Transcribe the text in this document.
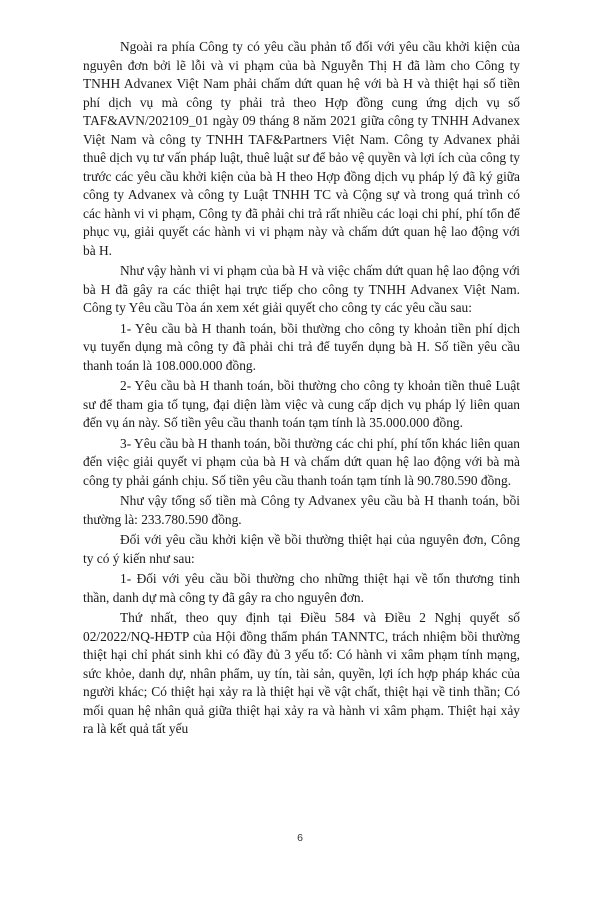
Ngoài ra phía Công ty có yêu cầu phản tố đối với yêu cầu khởi kiện của nguyên đơn bởi lẽ lỗi và vi phạm của bà Nguyễn Thị H đã làm cho Công ty TNHH Advanex Việt Nam phải chấm dứt quan hệ với bà H và thiệt hại số tiền phí dịch vụ mà công ty phải trả theo Hợp đồng cung ứng dịch vụ số TAF&AVN/202109_01 ngày 09 tháng 8 năm 2021 giữa công ty TNHH Advanex Việt Nam và công ty TNHH TAF&Partners Việt Nam. Công ty Advanex phải thuê dịch vụ tư vấn pháp luật, thuê luật sư để bảo vệ quyền và lợi ích của công ty trước các yêu cầu khởi kiện của bà H theo Hợp đồng dịch vụ pháp lý đã ký giữa công ty Advanex và công ty Luật TNHH TC và Cộng sự và trong quá trình có các hành vi vi phạm, Công ty đã phải chi trả rất nhiều các loại chi phí, phí tổn để phục vụ, giải quyết các hành vi vi phạm này và chấm dứt quan hệ lao động với bà H.

Như vậy hành vi vi phạm của bà H và việc chấm dứt quan hệ lao động với bà H đã gây ra các thiệt hại trực tiếp cho công ty TNHH Advanex Việt Nam. Công ty Yêu cầu Tòa án xem xét giải quyết cho công ty các yêu cầu sau:

1- Yêu cầu bà H thanh toán, bồi thường cho công ty khoản tiền phí dịch vụ tuyển dụng mà công ty đã phải chi trả để tuyển dụng bà H. Số tiền yêu cầu thanh toán là 108.000.000 đồng.

2- Yêu cầu bà H thanh toán, bồi thường cho công ty khoản tiền thuê Luật sư để tham gia tố tụng, đại diện làm việc và cung cấp dịch vụ pháp lý liên quan đến vụ án này. Số tiền yêu cầu thanh toán tạm tính là 35.000.000 đồng.

3- Yêu cầu bà H thanh toán, bồi thường các chi phí, phí tổn khác liên quan đến việc giải quyết vi phạm của bà H và chấm dứt quan hệ lao động với bà mà công ty phải gánh chịu. Số tiền yêu cầu thanh toán tạm tính là 90.780.590 đồng.

Như vậy tổng số tiền mà Công ty Advanex yêu cầu bà H thanh toán, bồi thường là: 233.780.590 đồng.

Đối với yêu cầu khởi kiện về bồi thường thiệt hại của nguyên đơn, Công ty có ý kiến như sau:

1- Đối với yêu cầu bồi thường cho những thiệt hại về tổn thương tinh thần, danh dự mà công ty đã gây ra cho nguyên đơn.

Thứ nhất, theo quy định tại Điều 584 và Điều 2 Nghị quyết số 02/2022/NQ-HĐTP của Hội đồng thẩm phán TANNTC, trách nhiệm bồi thường thiệt hại chỉ phát sinh khi có đầy đủ 3 yếu tố: Có hành vi xâm phạm tính mạng, sức khỏe, danh dự, nhân phẩm, uy tín, tài sản, quyền, lợi ích hợp pháp khác của người khác; Có thiệt hại xảy ra là thiệt hại về vật chất, thiệt hại về tinh thần; Có mối quan hệ nhân quả giữa thiệt hại xảy ra và hành vi xâm phạm. Thiệt hại xảy ra là kết quả tất yếu

6
